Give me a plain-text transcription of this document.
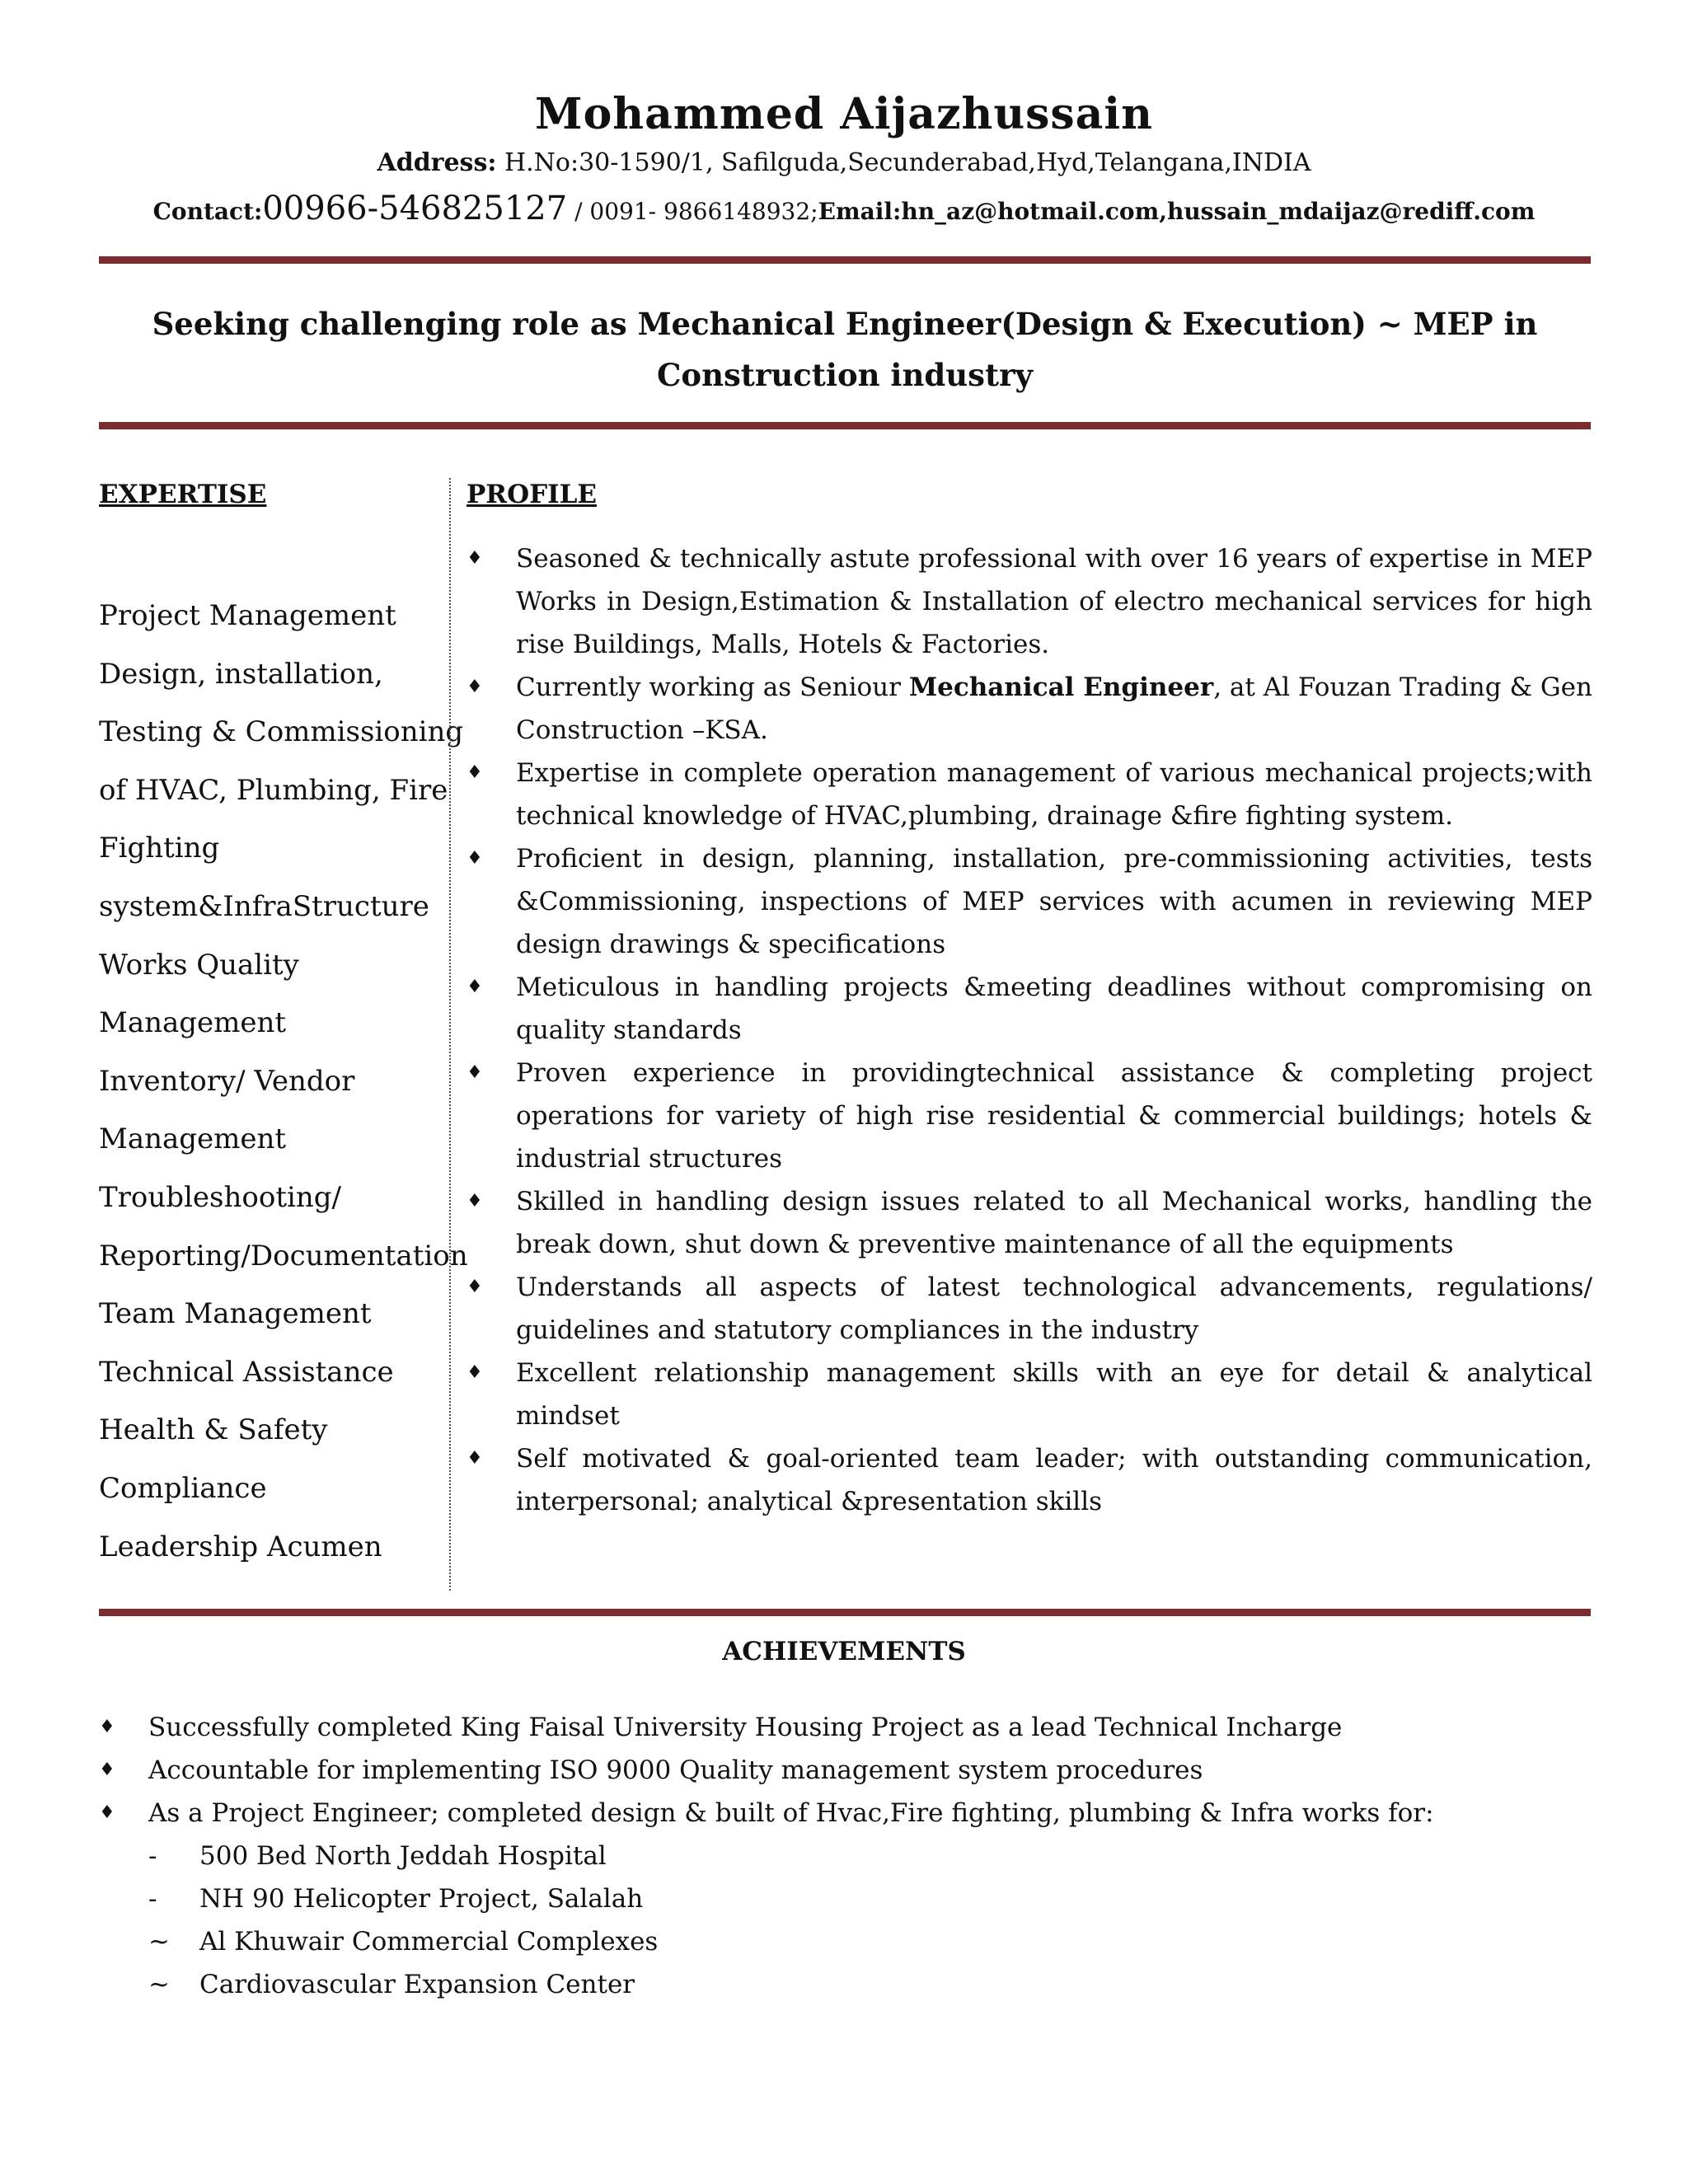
Mohammed Aijazhussain
Address: H.No:30-1590/1, Safilguda,Secunderabad,Hyd,Telangana,INDIA
Contact:00966-546825127 / 0091- 9866148932;Email:hn_az@hotmail.com,hussain_mdaijaz@rediff.com
Seeking challenging role as Mechanical Engineer(Design & Execution) ~ MEP in Construction industry
EXPERTISE
Project Management
Design, installation,
Testing & Commissioning
of HVAC, Plumbing, Fire
Fighting
system&InfraStructure
Works Quality
Management
Inventory/ Vendor
Management
Troubleshooting/
Reporting/Documentation
Team Management
Technical Assistance
Health & Safety
Compliance
Leadership Acumen
PROFILE
♦ Seasoned & technically astute professional with over 16 years of expertise in MEP Works in Design,Estimation & Installation of electro mechanical services for high rise Buildings, Malls, Hotels & Factories.
♦ Currently working as Seniour Mechanical Engineer, at Al Fouzan Trading & Gen Construction –KSA.
♦ Expertise in complete operation management of various mechanical projects;with technical knowledge of HVAC,plumbing, drainage &fire fighting system.
♦ Proficient in design, planning, installation, pre-commissioning activities, tests &Commissioning, inspections of MEP services with acumen in reviewing MEP design drawings & specifications
♦ Meticulous in handling projects &meeting deadlines without compromising on quality standards
♦ Proven experience in providingtechnical assistance & completing project operations for variety of high rise residential & commercial buildings; hotels & industrial structures
♦ Skilled in handling design issues related to all Mechanical works, handling the break down, shut down & preventive maintenance of all the equipments
♦ Understands all aspects of latest technological advancements, regulations/ guidelines and statutory compliances in the industry
♦ Excellent relationship management skills with an eye for detail & analytical mindset
♦ Self motivated & goal-oriented team leader; with outstanding communication, interpersonal; analytical &presentation skills
ACHIEVEMENTS
♦ Successfully completed King Faisal University Housing Project as a lead Technical Incharge
♦ Accountable for implementing ISO 9000 Quality management system procedures
♦ As a Project Engineer; completed design & built of Hvac,Fire fighting, plumbing & Infra works for:
- 500 Bed North Jeddah Hospital
- NH 90 Helicopter Project, Salalah
~ Al Khuwair Commercial Complexes
~ Cardiovascular Expansion Center
